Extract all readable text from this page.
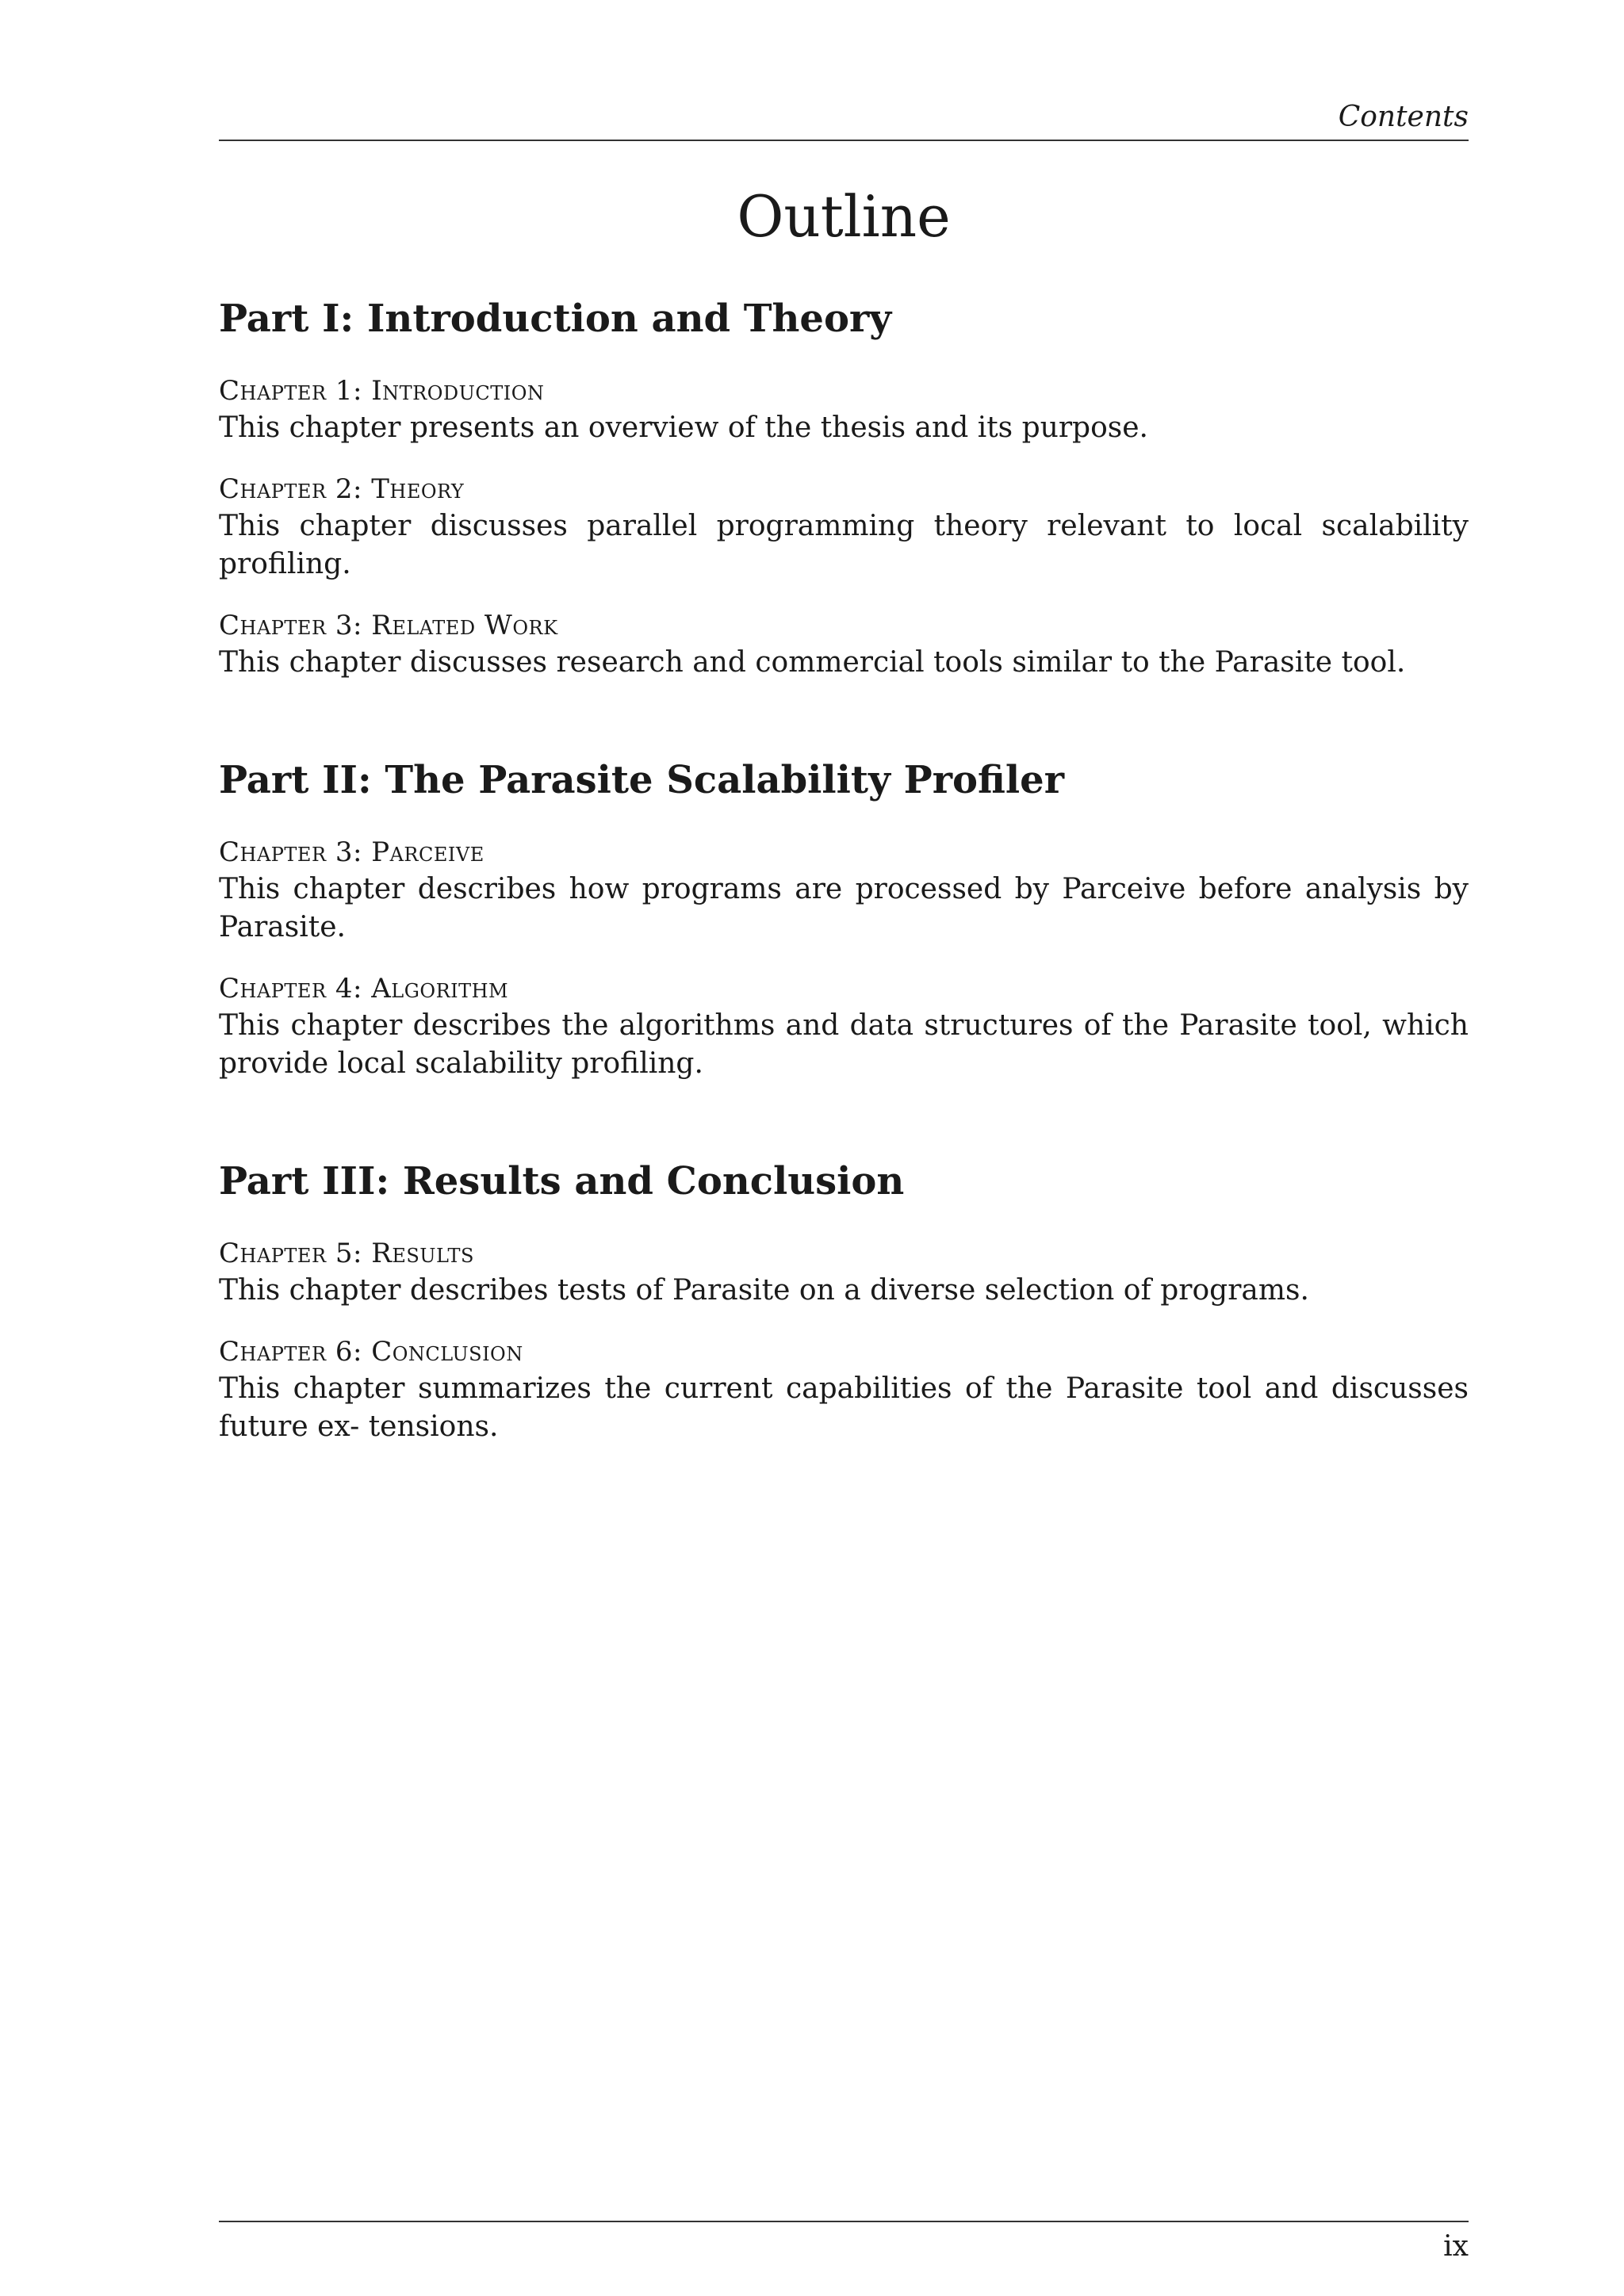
Contents
Outline
Part I: Introduction and Theory
Chapter 1: Introduction
This chapter presents an overview of the thesis and its purpose.
Chapter 2: Theory
This chapter discusses parallel programming theory relevant to local scalability profiling.
Chapter 3: Related Work
This chapter discusses research and commercial tools similar to the Parasite tool.
Part II: The Parasite Scalability Profiler
Chapter 3: Parceive
This chapter describes how programs are processed by Parceive before analysis by Parasite.
Chapter 4: Algorithm
This chapter describes the algorithms and data structures of the Parasite tool, which provide local scalability profiling.
Part III: Results and Conclusion
Chapter 5: Results
This chapter describes tests of Parasite on a diverse selection of programs.
Chapter 6: Conclusion
This chapter summarizes the current capabilities of the Parasite tool and discusses future ex- tensions.
ix
